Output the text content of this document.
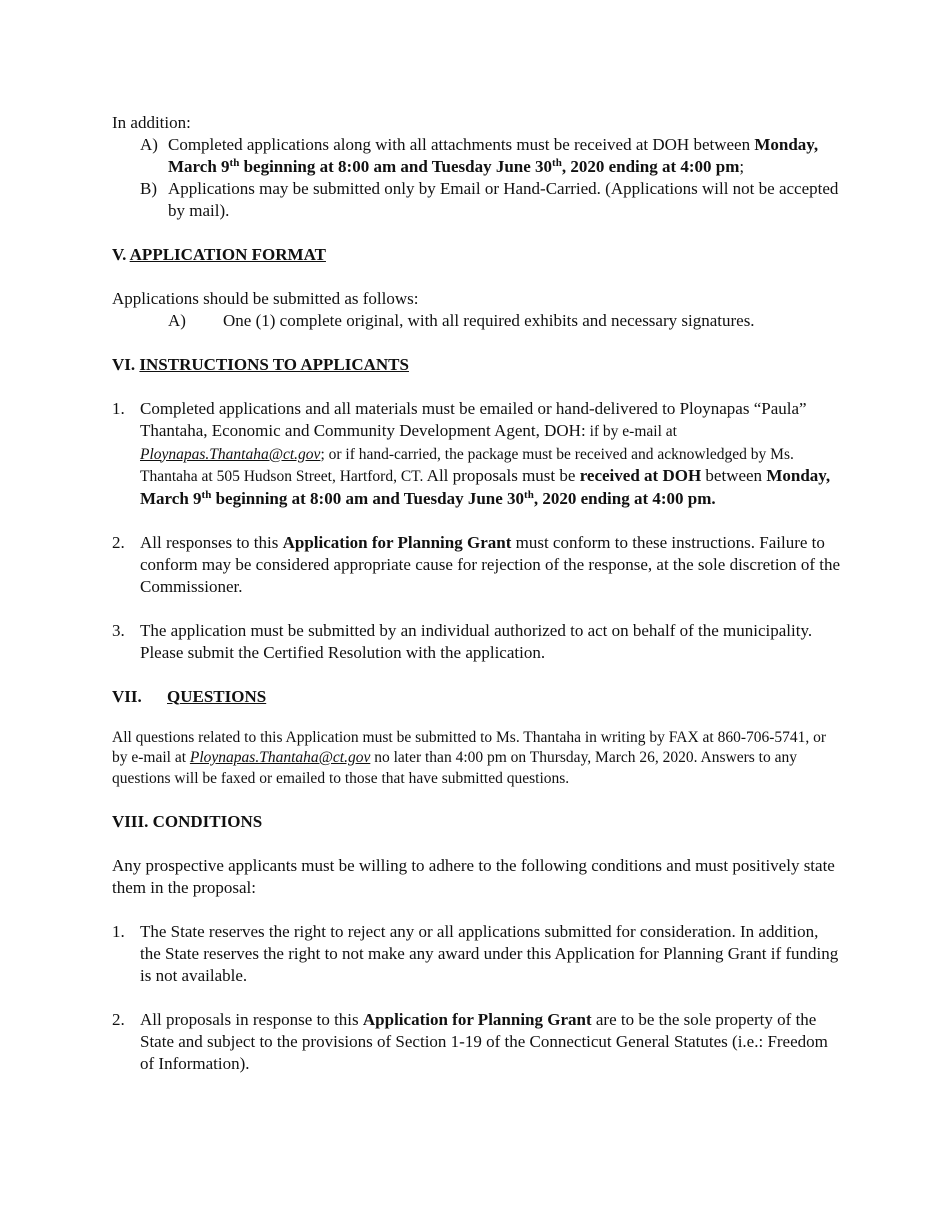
In addition:

A) Completed applications along with all attachments must be received at DOH between Monday, March 9th beginning at 8:00 am and Tuesday June 30th, 2020 ending at 4:00 pm;
B) Applications may be submitted only by Email or Hand-Carried. (Applications will not be accepted by mail).
V. APPLICATION FORMAT

Applications should be submitted as follows:

A)	One (1) complete original, with all required exhibits and necessary signatures.
VI. INSTRUCTIONS TO APPLICANTS
1. Completed applications and all materials must be emailed or hand-delivered to Ploynapas “Paula” Thantaha, Economic and Community Development Agent, DOH: if by e-mail at Ploynapas.Thantaha@ct.gov; or if hand-carried, the package must be received and acknowledged by Ms. Thantaha at 505 Hudson Street, Hartford, CT. All proposals must be received at DOH between Monday, March 9th beginning at 8:00 am and Tuesday June 30th, 2020 ending at 4:00 pm.
2. All responses to this Application for Planning Grant must conform to these instructions. Failure to conform may be considered appropriate cause for rejection of the response, at the sole discretion of the Commissioner.
3. The application must be submitted by an individual authorized to act on behalf of the municipality. Please submit the Certified Resolution with the application.
VII. QUESTIONS

All questions related to this Application must be submitted to Ms. Thantaha in writing by FAX at 860-706-5741, or by e-mail at Ploynapas.Thantaha@ct.gov no later than 4:00 pm on Thursday, March 26, 2020. Answers to any questions will be faxed or emailed to those that have submitted questions.

VIII. CONDITIONS

Any prospective applicants must be willing to adhere to the following conditions and must positively state them in the proposal:

1. The State reserves the right to reject any or all applications submitted for consideration. In addition, the State reserves the right to not make any award under this Application for Planning Grant if funding is not available.
2. All proposals in response to this Application for Planning Grant are to be the sole property of the State and subject to the provisions of Section 1-19 of the Connecticut General Statutes (i.e.: Freedom of Information).
